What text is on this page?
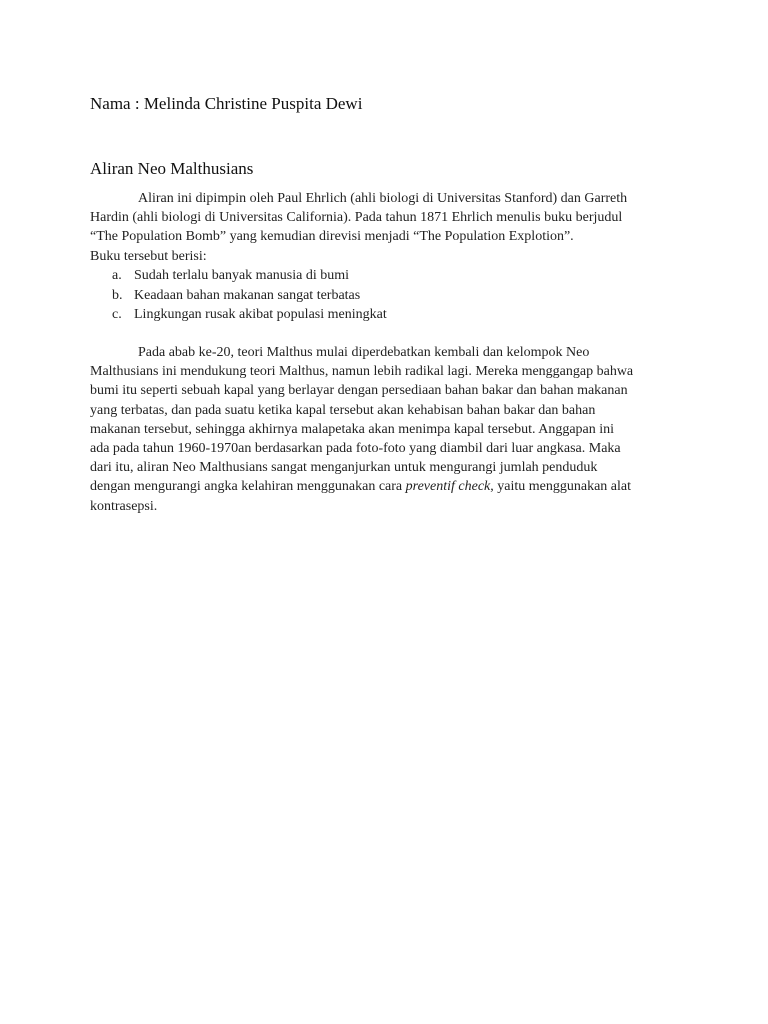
Nama : Melinda Christine Puspita Dewi
Aliran Neo Malthusians
Aliran ini dipimpin oleh Paul Ehrlich (ahli biologi di Universitas Stanford) dan Garreth
Hardin (ahli biologi di Universitas California). Pada tahun 1871 Ehrlich menulis buku berjudul
“The Population Bomb” yang kemudian direvisi menjadi “The Population Explotion”.
Buku tersebut berisi:
a. Sudah terlalu banyak manusia di bumi
b. Keadaan bahan makanan sangat terbatas
c. Lingkungan rusak akibat populasi meningkat
Pada abab ke-20, teori Malthus mulai diperdebatkan kembali dan kelompok Neo
Malthusians ini mendukung teori Malthus, namun lebih radikal lagi. Mereka menggangap bahwa
bumi itu seperti sebuah kapal yang berlayar dengan persediaan bahan bakar dan bahan makanan
yang terbatas, dan pada suatu ketika kapal tersebut akan kehabisan bahan bakar dan bahan
makanan tersebut, sehingga akhirnya malapetaka akan menimpa kapal tersebut. Anggapan ini
ada pada tahun 1960-1970an berdasarkan pada foto-foto yang diambil dari luar angkasa. Maka
dari itu, aliran Neo Malthusians sangat menganjurkan untuk mengurangi jumlah penduduk
dengan mengurangi angka kelahiran menggunakan cara preventif check, yaitu menggunakan alat
kontrasepsi.
